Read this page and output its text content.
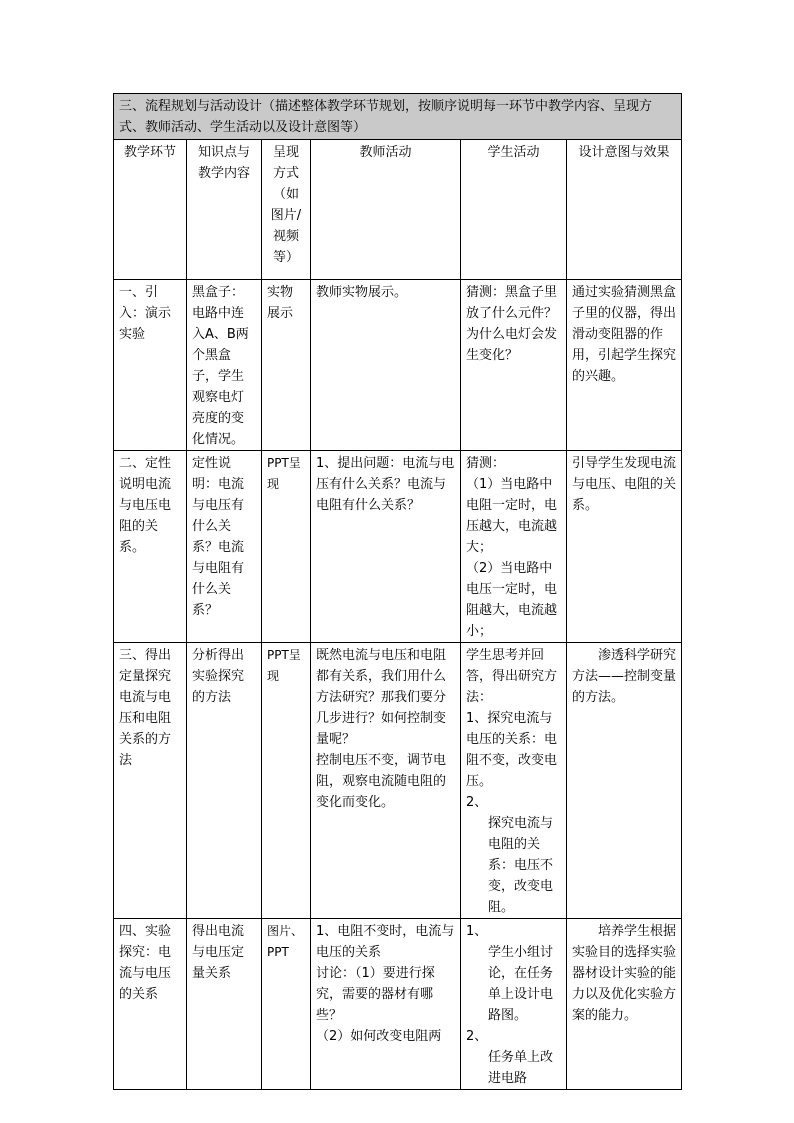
三、流程规划与活动设计（描述整体教学环节规划，按顺序说明每一环节中教学内容、呈现方式、教师活动、学生活动以及设计意图等）					
教学环节	知识点与教学内容	呈现方式（如图片/视频等）	教师活动	学生活动	设计意图与效果
一、引入：演示实验	黑盒子：电路中连入A、B两个黑盒子，学生观察电灯亮度的变化情况。	实物展示	教师实物展示。	猜测：黑盒子里放了什么元件？为什么电灯会发生变化？	通过实验猜测黑盒子里的仪器，得出滑动变阻器的作用，引起学生探究的兴趣。
二、定性说明电流与电压电阻的关系。	定性说明：电流与电压有什么关系？电流与电阻有什么关系？	PPT呈现	1、提出问题：电流与电压有什么关系？电流与电阻有什么关系？	猜测：
（1）当电路中电阻一定时，电压越大，电流越大；
（2）当电路中电压一定时，电阻越大，电流越小；	引导学生发现电流与电压、电阻的关系。
三、得出定量探究电流与电压和电阻关系的方法	分析得出实验探究的方法	PPT呈现	既然电流与电压和电阻都有关系，我们用什么方法研究？那我们要分几步进行？如何控制变量呢？
控制电压不变，调节电阻，观察电流随电阻的变化而变化。	学生思考并回答，得出研究方法：
1、探究电流与电压的关系：电阻不变，改变电压。
2、
探究电流与电阻的关系：电压不变，改变电阻。	渗透科学研究方法——控制变量的方法。
四、实验探究：电流与电压的关系	得出电流与电压定量关系	图片、PPT	1、电阻不变时，电流与电压的关系
讨论：（1）要进行探究，需要的器材有哪些？
（2）如何改变电阻两	1、
学生小组讨论，在任务单上设计电路图。
2、
任务单上改进电路	培养学生根据实验目的选择实验器材设计实验的能力以及优化实验方案的能力。
